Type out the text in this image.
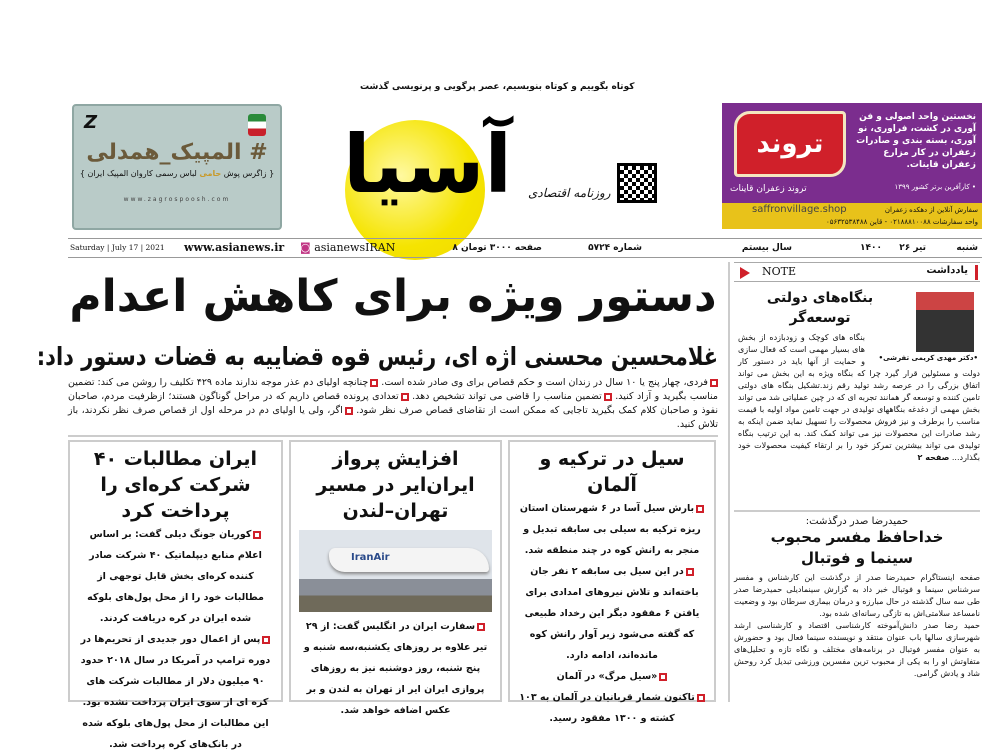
Z
# المپیک_همدلی
{ زاگرس پوش حامی لباس رسمی کاروان المپیک ایران }
www.zagrospoosh.com	آسیا
کوتاه بگوییم و کوتاه بنویسیم، عصر پرگویی و پرنویسی گذشت
روزنامه اقتصادی
تروند
نخستین واحد اصولی و فن آوری در کشت، فراوری، نو آوری، بسته بندی و صادرات زعفران در کار مزارع زعفران قاینات.
• کارآفرین برتر کشور ۱۳۹۹
تروند زعفران قاینات
سفارش آنلاین از دهکده زعفران
واحد سفارشات ۰۲۱۸۸۸۱۰۰۸۸ - قاین ۰۵۶۳۲۵۳۸۴۸۸
saffronvillage.shop
شنبه
۲۶ تیر
۱۴۰۰
سال بیستم
شماره ۵۷۲۴
۸ صفحه ۳۰۰۰ تومان
◙ asianewsIRAN
www.asianews.ir
Saturday | July 17 | 2021
دستور ویژه برای کاهش اعدام
غلامحسین محسنی اژه ای، رئیس قوه قضاییه به قضات دستور داد:
فردی، چهار پنج یا ۱۰ سال در زندان است و حکم قصاص برای وی صادر شده است. چنانچه اولیای دم عذر موجه ندارند ماده ۴۲۹ تکلیف را روشن می کند: تضمین مناسب بگیرید و آزاد کنید. تضمین مناسب را قاضی می تواند تشخیص دهد. تعدادی پرونده قصاص داریم که در مراحل گوناگون هستند؛ ازظرفیت مردم، صاحبان نفوذ و صاحبان کلام کمک بگیرید تاجایی که ممکن است از تقاضای قصاص صرف نظر شود. اگر، ولی یا اولیای دم در مرحله اول از قصاص صرف نظر نکردند، باز تلاش کنید.
سیل در ترکیه و آلمان

بارش سیل آسا در ۶ شهرستان استان ریزه ترکیه به سیلی بی سابقه تبدیل و منجر به رانش کوه در چند منطقه شد.

در این سیل بی سابقه ۲ نفر جان باخته‌اند و تلاش نیروهای امدادی برای یافتن ۶ مفقود دیگر این رخداد طبیعی که گفته می‌شود زیر آوار رانش کوه مانده‌اند، ادامه دارد.

«سیل مرگ» در آلمان

تاکنون شمار قربانیان در آلمان به ۱۰۳ کشته و ۱۳۰۰ مفقود رسید.

افزایش پرواز ایران‌ایر در مسیر تهران–لندن
IranAir

سفارت ایران در انگلیس گفت: از ۲۹ تیر علاوه بر روزهای یکشنبه،سه شنبه و پنج شنبه، روز دوشنبه نیز به روزهای پروازی ایران ایر از تهران به لندن و بر عکس اضافه خواهد شد.

ایران مطالبات ۴۰ شرکت کره‌ای را پرداخت کرد

کوریان جونگ دیلی گفت: بر اساس اعلام منابع دیپلماتیک ۴۰ شرکت صادر کننده کره‌ای بخش قابل توجهی از مطالبات خود را از محل پول‌های بلوکه شده ایران در کره دریافت کردند.

پس از اعمال دور جدیدی از تحریم‌ها در دوره ترامپ در آمریکا در سال ۲۰۱۸ حدود ۹۰ میلیون دلار از مطالبات شرکت های کره ای از سوی ایران پرداخت نشده بود.

این مطالبات از محل پول‌های بلوکه شده در بانک‌های کره پرداخت شد.

NOTE	یادداشت
•دکتر مهدی کریمی تفرشی•
بنگاه‌های دولتی توسعه‌گر
بنگاه های کوچک و زودبازده از بخش های بسیار مهمی است که فعال سازی و حمایت از آنها باید در دستور کار دولت و مسئولین قرار گیرد چرا که بنگاه ویژه به این بخش می تواند اتفاق بزرگی را در عرصه رشد تولید رقم زند.تشکیل بنگاه های دولتی تامین کننده و توسعه گر همانند تجربه ای که در چین عملیاتی شد می تواند بخش مهمی از دغدغه بنگاههای تولیدی در جهت تامین مواد اولیه با قیمت مناسب را برطرف و نیز فروش محصولات را تسهیل نماید ضمن اینکه به رشد صادرات این محصولات نیز می تواند کمک کند. به این ترتیب بنگاه تولیدی می تواند بیشترین تمرکز خود را بر ارتقاء کیفیت محصولات خود بگذارد... صفحه ۲
حمیدرضا صدر درگذشت:
خداحافظ مفسر محبوب سینما و فوتبال

صفحه اینستاگرام حمیدرضا صدر از درگذشت این کارشناس و مفسر سرشناس سینما و فوتبال خبر داد به گزارش سینمادیلی حمیدرضا صدر طی سه سال گذشته در حال مبارزه و درمان بیماری سرطان بود و وضعیت نامساعد سلامتی‌اش به تازگی رسانه‌ای شده بود.

حمید رضا صدر دانش‌آموخته کارشناسی اقتصاد و کارشناسی ارشد شهرسازی سالها باب عنوان منتقد و نویسنده سینما فعال بود و حضورش به عنوان مفسر فوتبال در برنامه‌های مختلف و نگاه تازه و تحلیل‌های متفاوتش او را به یکی از محبوب ترین مفسرین ورزشی تبدیل کرد روحش شاد و یادش گرامی.
